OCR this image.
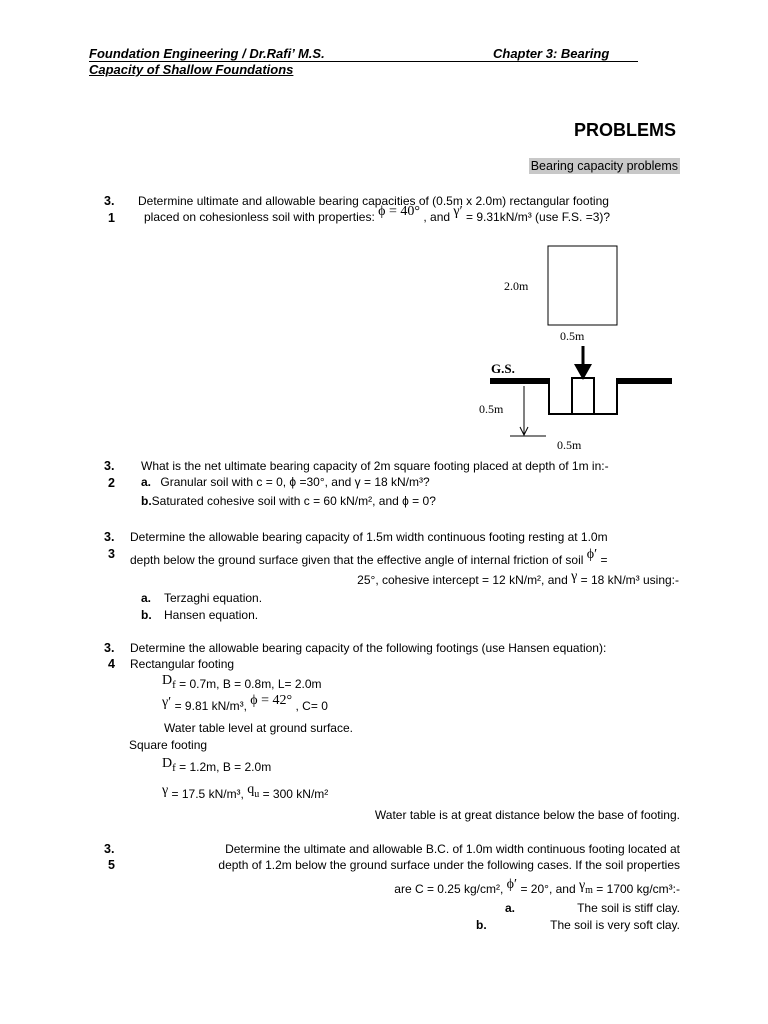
Foundation Engineering / Dr.Rafi’ M.S.	Chapter 3: Bearing
Capacity of Shallow Foundations
PROBLEMS
Bearing capacity problems
3.
1
Determine ultimate and allowable bearing capacities of (0.5m x 2.0m) rectangular footing
placed on cohesionless soil with properties: ϕ = 40° , and γ′ = 9.31kN/m³ (use F.S. =3)?
2.0m
0.5m
G.S.
0.5m
0.5m
3.
2
What is the net ultimate bearing capacity of 2m square footing placed at depth of 1m in:-
a. Granular soil with c = 0, ϕ =30°, and γ = 18 kN/m³?
b.Saturated cohesive soil with c = 60 kN/m², and ϕ = 0?
3.
3
Determine the allowable bearing capacity of 1.5m width continuous footing resting at 1.0m
depth below the ground surface given that the effective angle of internal friction of soil ϕ′ =
25°, cohesive intercept = 12 kN/m², and γ = 18 kN/m³ using:-
a. Terzaghi equation.
b. Hansen equation.
3.
4
Determine the allowable bearing capacity of the following footings (use Hansen equation):
Rectangular footing
$D_f = 0.7m$, B = 0.8m, L= 2.0m
γ′ = 9.81 kN/m³, ϕ = 42° , C= 0
Water table level at ground surface.
Square footing
$D_f = 1.2m$, B = 2.0m
γ = 17.5 kN/m³, $q_u = 300$ kN/m²
Water table is at great distance below the base of footing.
3.
5
Determine the ultimate and allowable B.C. of 1.0m width continuous footing located at
depth of 1.2m below the ground surface under the following cases. If the soil properties
are C = 0.25 kg/cm², ϕ′ = 20°, and $\gamma_m = 1700$ kg/cm³:-
a.	The soil is stiff clay.
b.	The soil is very soft clay.
